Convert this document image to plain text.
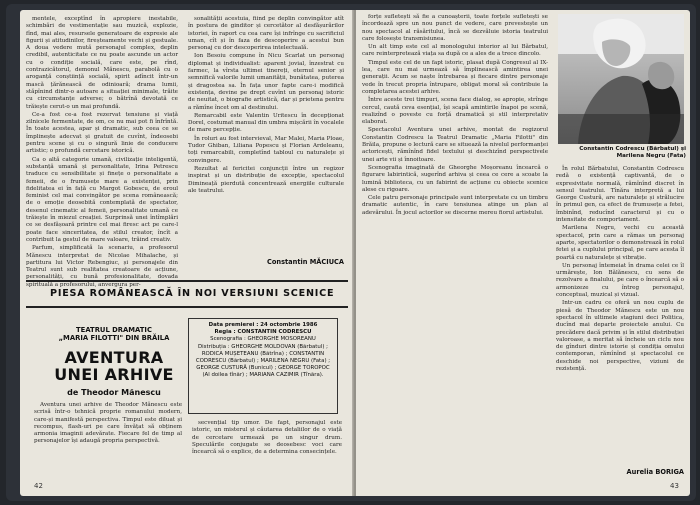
mentele, exceptînd în apropiere inestabile, schimbări de vestimentație sau muzică, explozie, fînd, mai ales, resursele generatoare de expresie ale figurii și atitudinilor, fireșteamente vechi și gestuale. A doua vedere mută personajul complex, deplin credibil, autenticitate ce nu poate ascunde un actor cu o condiție socială, care este, pe rînd, contrazicătorul, demonul Mănescu, parabolă cu o aroganță conștiință socială, spirit adîncit într-un mască țărănească de odinioară; drama lumii, stăpînind dintr-o autoare a situației minimale, trăite cu circumstanțe adverse; o bătrînă devotată ce trăiește cerut-o un mai profundă.

Ce-a fost ce-a fost rezervat tensiune și viață zilnicele fermentate, de om, ce nu mai pot fi înfrîntă. În toate acestea, apar și dramatic, sub ceea ce se împlinește adecvat și gratuit de cuvînt, îndeosebi pentru scene și cu o singură linie de conducere artistic; o profundă cercetare istorică.

Ca o altă categorie umană, civilizație inteligentă, substanță umană și personalitate, Irina Petrescu traduce cu sensibilitate și finețe o personalitate a femeii, de o frumusețe mare a existenței, prin fidelitatea ei în față cu Margot Gobescu, de eroul feminist cel mai convingător pe scena românească; de o emoție deosebită contemplată de spectator, desenul cinematic al femeii, personalitate umană ce trăiește în miezul creației. Surprinsă unei întîmplări ce se desfășoară printre cel mai firesc act pe care-l poate face sinceritatea, de stilul creator, încît a contribuit la gestul de mare valoare, trăind creativ.

Parfum, simplificată la scenariu, a profesorul Mănescu interpretat de Nicolae Mihalache, și partitura lui Victor Rebengiuc, și personajele din Teatrul sunt sub realitatea creatoare de acțiune, personalități, cu bună profesionalitate, dovada spirituală a profesorului, anvergura per-

sonalității acestuia, fiind pe deplin convingător atît în postura de ginditor și cercetător al desfășurărilor istoriei, în raport cu cea care își infrînge cu sacrificiul uman, cît și în faza de descoperire a acestui bun personaj cu dor descoperirea intelectuală.

Ion Besoiu compune în Nicu Scarlat un personaj diplomat și individualist: aparent jovial, înzestrat cu farmec, la vîrsta ultimei tinereți, eternul senior și semnifică valorile lumii umanității, bunătatea, puterea și dragostea sa. În fața unor fapte care-i modifică existența, devine pe drept cuvînt un personaj istoric de neuitat, o biografie artistică, dar și prietena pentru a rămîne încet om al destinului.

Remarcabil este Valentin Uritescu în decepționat Dorel, costumat manual din umbra mișcării în vocalele de mare percepție.

În roluri au fost intervieval, Mar Malei, Maria Ploae, Tudor Ghiban, Liliana Popescu și Florian Ardeleanu, toți remarcabili, completînd tabloul cu naturalețe și convingere.

Rezultat al fericitei conjuncții între un regizor inspirat și un distribuție de excepție, spectacolul Dimineață pierdută concentrează energiile culturale ale teatrului.

Constantin MĂCIUCA
PIESA ROMÂNEASCĂ ÎN NOI VERSIUNI SCENICE
TEATRUL DRAMATIC
„MARIA FILOTTI" DIN BRĂILA
AVENTURA
UNEI ARHIVE
de Theodor Mănescu
Data premierei : 24 octombrie 1986
Regia : CONSTANTIN CODRESCU
Scenografia : GHEORGHE MOSOREANU
Distribuția : GHEORGHE MOLDOVAN (Bărbatul) ; RODICA MUȘETEANU (Bătrîna) ; CONSTANTIN CODRESCU (Bărbatul) ; MARILENA NEGRU (Fata) ; GEORGE CUSTURĂ (Bunicul) ; GEORGE TOROPOC (Al doilea tînăr) ; MARIANA CAZIMIR (Tînăra).

Aventura unei arhive de Theodor Mănescu este scrisă într-o tehnică proprie romanului modern, care-și manifestă perspectiva. Timpul este diluat și recompus, flash-uri pe care învățat să obținem armonia imaginii adevărate. Fiecare fel de timp al personajelor își adaugă propria perspectivă.

secvențial tip umor. De fapt, personajul este istoric, un misterul și căutarea detaliilor de o viață de cercetare urmează pe un singur drum. Speculările conjugate se deosebesc voci care încearcă să o explice, de a determina consecințele.

42

forțe sufletești să fie a cunoașterii, toate forțele sufletești se încordează spre un nou punct de vedere, care prevestește un nou spectacol al răsăritului, încă se dezvăluie istoria teatrului care folosește transmisiunea.

Un alt timp este cel al monologului interior al lui Bărbatul, care reinterpretează viața sa după ce a ales de a trece dincolo.

Timpul este cel de un fapt istoric, plasat după Congresul al IX-lea, care nu mai urmează să împlinească amintirea unei generații. Acum se naște întrebarea și fiecare dintre personaje vede în trecut propria întrupare, obligat moral să contribuie la completarea acestei arhive.

Între aceste trei timpuri, scena face dialog, se apropie, strînge cercul, caută ceva esențial, își scapă amintirile înapoi pe scenă, realizînd o poveste cu forță dramatică și stil interpretativ elaborat.

Spectacolul Aventura unei arhive, montat de regizorul Constantin Codrescu la Teatrul Dramatic „Maria Filotti" din Brăila, propune o lectură care se situează la nivelul performanței actoricești, rămînînd fidel textului și deschizînd perspectivele unei arte vii și înnoitoare.

Scenografia imaginată de Gheorghe Moșoreanu încearcă o figurare labirintică, sugerînd arhiva și ceea ce cere a scoate la lumină biblioteca, cu un fabirint de acțiune cu obiecte scenice alese cu rigoare.

Cele patru personaje principale sunt interpretate cu un timbru dramatic autentic, în care tensiunea atinge un plan al adevărului. În jocul actorilor se discerne mereu fiorul artistului.

Constantin Codrescu (Bărbatul) și
Marilena Negru (Fata)

În rolul Bărbatului, Constantin Codrescu redă o existență captivantă, de o expresivitate normală, rămînînd discret în sensul teatrului. Tînăra interpretă a lui George Custură, are naturalețe și strălucire în primul gen, ca efect de frumusețe a fetei, îmbinînd, reducînd caracterul și cu o intensitate de comportament.

Marilena Negru, vechi cu această spectacol, prin care a rămas un personaj aparte, spectatorilor o demonstrează în rolul fetei și a cuplului principal, pe care acesta îl poartă cu naturalețe și vibrație.

Un personaj întemeiat în drama celei ce îl urmărește, Ion Bălănescu, cu sens de rezolvare a finalului, pe care o încearcă să o armonizeze cu întreg personajul, conceptual, muzical și vizual.

Intr-un cadru ce oferă un nou cuplu de piesă de Theodor Mănescu este un nou spectacol în ultimele stagiuni deci Politica, ducînd mai departe proiectele anului. Cu precădere dacă privim și în stilul distribuției valoroase, a meritat să încheie un ciclu nou de gînduri dintre istorie și condiția omului contemporan, rămînînd și spectacolul ce deschide noi perspective, viziuni de rezistență.

Aurelia BORIGA
43
